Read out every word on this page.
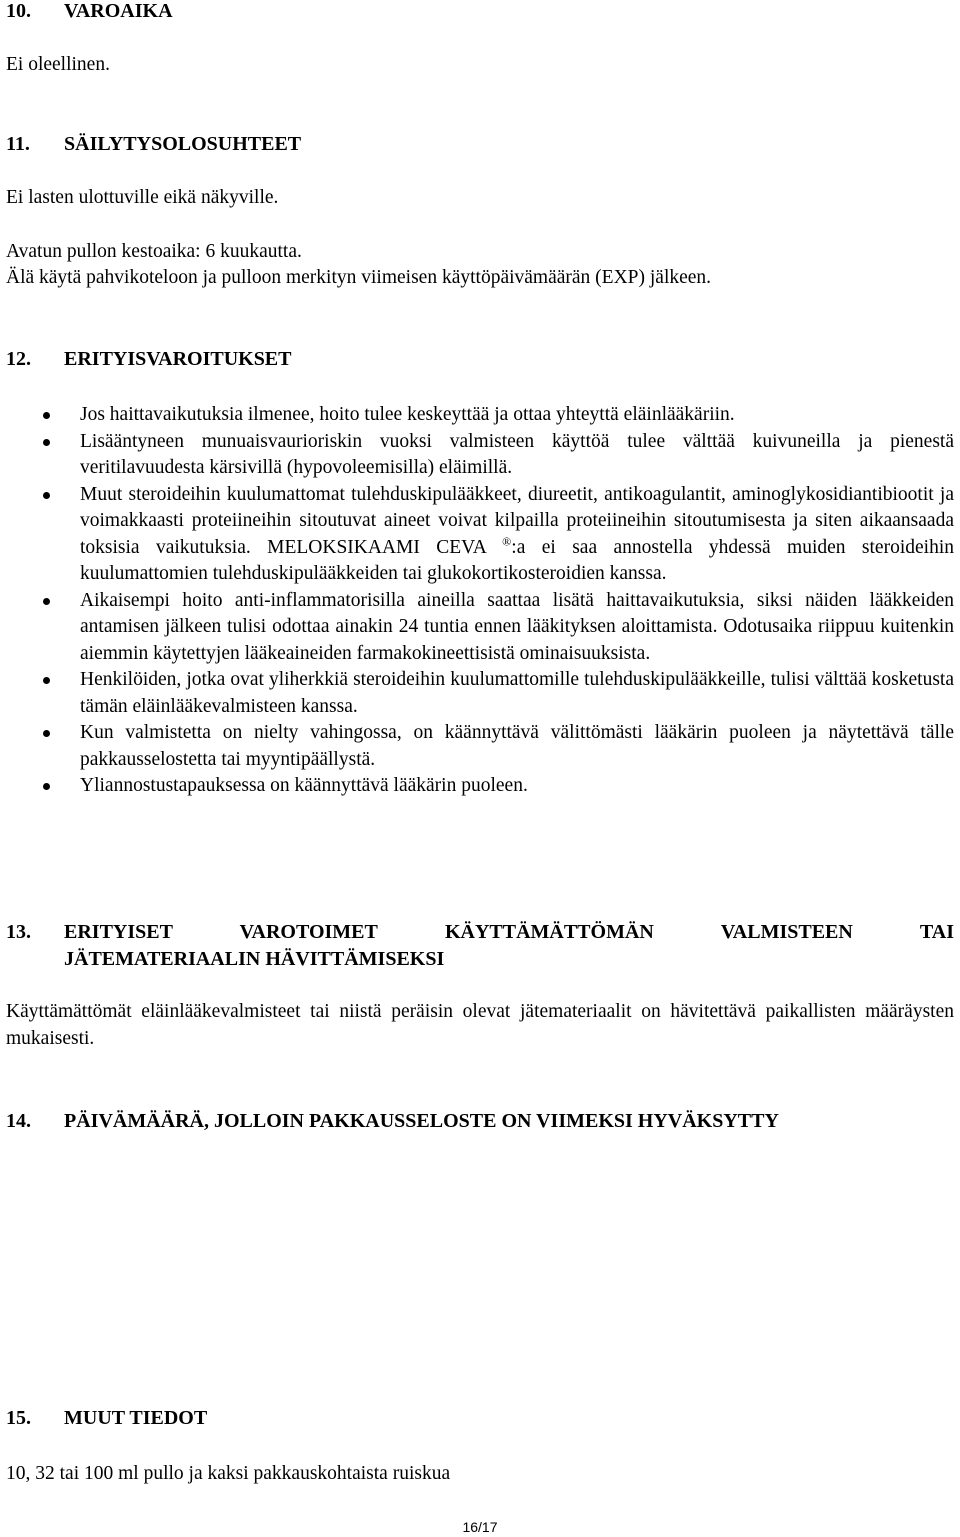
10. VAROAIKA
Ei oleellinen.
11. SÄILYTYSOLOSUHTEET
Ei lasten ulottuville eikä näkyville.
Avatun pullon kestoaika: 6 kuukautta.
Älä käytä pahvikoteloon ja pulloon merkityn viimeisen käyttöpäivämäärän (EXP) jälkeen.
12. ERITYISVAROITUKSET
Jos haittavaikutuksia ilmenee, hoito tulee keskeyttää ja ottaa yhteyttä eläinlääkäriin.
Lisääntyneen munuaisvaurioriskin vuoksi valmisteen käyttöä tulee välttää kuivuneilla ja pienestä veritilavuudesta kärsivillä (hypovoleemisilla) eläimillä.
Muut steroideihin kuulumattomat tulehduskipulääkkeet, diureetit, antikoagulantit, aminoglykosidiantibiootit ja voimakkaasti proteiineihin sitoutuvat aineet voivat kilpailla proteiineihin sitoutumisesta ja siten aikaansaada toksisia vaikutuksia. MELOKSIKAAMI CEVA ®:a ei saa annostella yhdessä muiden steroideihin kuulumattomien tulehduskipulääkkeiden tai glukokortikosteroidien kanssa.
Aikaisempi hoito anti-inflammatorisilla aineilla saattaa lisätä haittavaikutuksia, siksi näiden lääkkeiden antamisen jälkeen tulisi odottaa ainakin 24 tuntia ennen lääkityksen aloittamista. Odotusaika riippuu kuitenkin aiemmin käytettyjen lääkeaineiden farmakokineettisistä ominaisuuksista.
Henkilöiden, jotka ovat yliherkkiä steroideihin kuulumattomille tulehduskipulääkkeille, tulisi välttää kosketusta tämän eläinlääkevalmisteen kanssa.
Kun valmistetta on nielty vahingossa, on käännyttävä välittömästi lääkärin puoleen ja näytettävä tälle pakkausselostetta tai myyntipäällystä.
Yliannostustapauksessa on käännyttävä lääkärin puoleen.
13. ERITYISET VAROTOIMET KÄYTTÄMÄTTÖMÄN VALMISTEEN TAI
JÄTEMATERIAALIN HÄVITTÄMISEKSI
Käyttämättömät eläinlääkevalmisteet tai niistä peräisin olevat jätemateriaalit on hävitettävä paikallisten määräysten mukaisesti.
14. PÄIVÄMÄÄRÄ, JOLLOIN PAKKAUSSELOSTE ON VIIMEKSI HYVÄKSYTTY
15. MUUT TIEDOT
10, 32 tai 100 ml pullo ja kaksi pakkauskohtaista ruiskua
16/17
